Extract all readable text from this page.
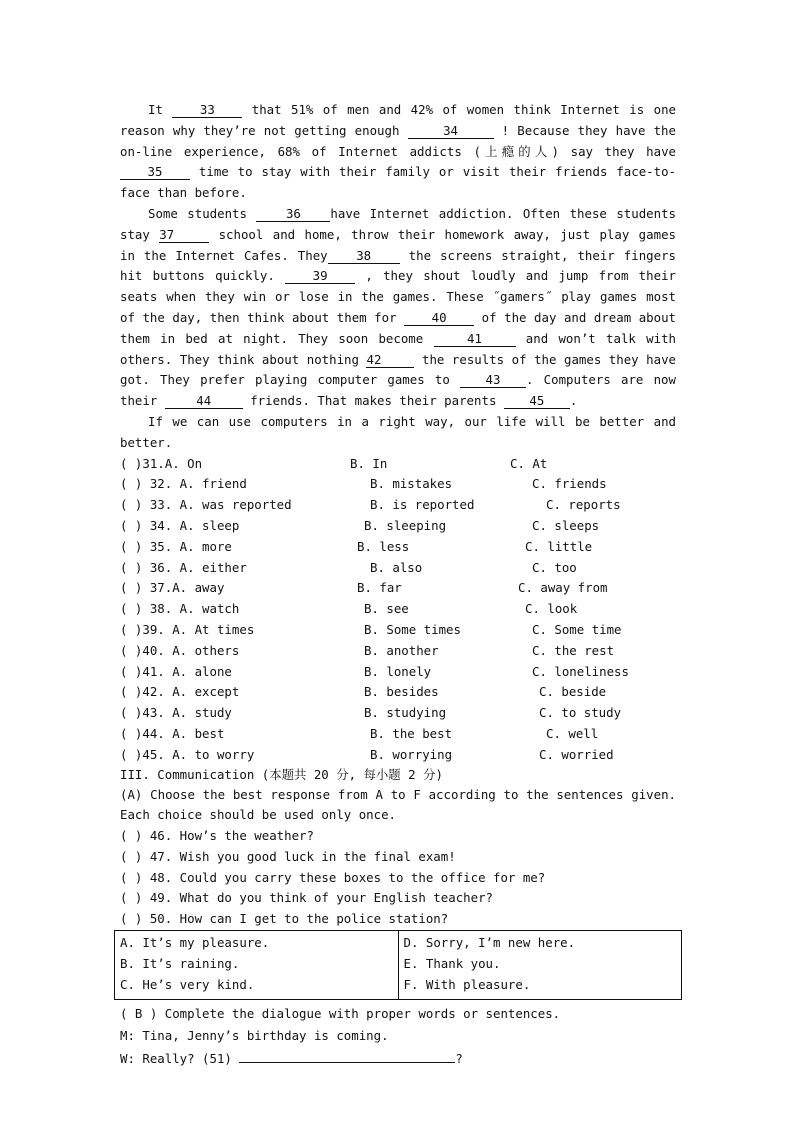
It 33 that 51% of men and 42% of women think Internet is one reason why they’re not getting enough	34	! Because they have the on-line experience, 68% of Internet addicts (上瘾的人) say they have 35 time to stay with their family or visit their friends face-to-face than before.

Some students 36 have Internet addiction. Often these students stay 37	school and home, throw their homework away, just play games in the Internet Cafes. They 38 the screens straight, their fingers hit buttons quickly. 39 , they shout loudly and jump from their seats when they win or lose in the games. These ˝gamers˝ play games most of the day, then think about them for 40 of the day and dream about them in bed at night. They soon become	41	and won’t talk with others. They think about nothing 42	the results of the games they have got. They prefer playing computer games to 43 . Computers are now their	44	friends. That makes their parents 45 .

If we can use computers in a right way, our life will be better and better.

( )31.A. On	B. In	C. At
( ) 32. A. friend	B. mistakes	C. friends
( ) 33. A. was reported	B. is reported	C. reports
( ) 34. A. sleep	B. sleeping	C. sleeps
( ) 35. A. more	B. less	C. little
( ) 36. A. either	B. also	C. too
( ) 37.A. away	B. far	C. away from
( ) 38. A. watch	B. see	C. look
( )39. A. At times	B. Some times	C. Some time
( )40. A. others	B. another	C. the rest
( )41. A. alone	B. lonely	C. loneliness
( )42. A. except	B. besides	C. beside
( )43. A. study	B. studying	C. to study
( )44. A. best	B. the best	C. well
( )45. A. to worry	B. worrying	C. worried
III. Communication (本题共 20 分, 每小题 2 分)

(A) Choose the best response from A to F according to the sentences given. Each choice should be used only once.

( ) 46. How’s the weather?
( ) 47. Wish you good luck in the final exam!
( ) 48. Could you carry these boxes to the office for me?
( ) 49. What do you think of your English teacher?
( ) 50. How can I get to the police station?
A. It’s my pleasure.
B. It’s raining.
C. He’s very kind.

D. Sorry, I’m new here.
E. Thank you.
F. With pleasure.
( B ) Complete the dialogue with proper words or sentences.
M: Tina, Jenny’s birthday is coming.
W: Really? (51)	?
